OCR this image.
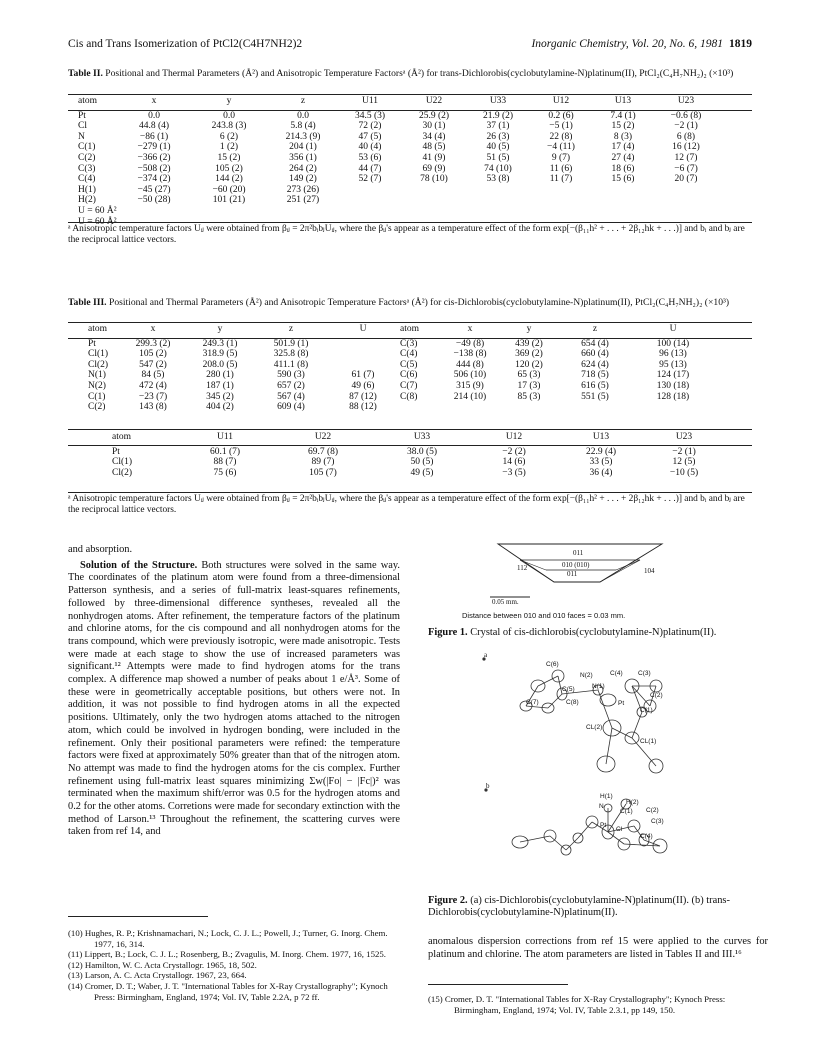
Cis and Trans Isomerization of PtCl2(C4H7NH2)2	Inorganic Chemistry, Vol. 20, No. 6, 1981 1819
Table II. Positional and Thermal Parameters (Å²) and Anisotropic Temperature Factorsᵃ (Å²) for trans-Dichlorobis(cyclobutylamine-N)platinum(II), PtCl₂(C₄H₇NH₂)₂ (×10³)
atom	x	y	z	U11	U22	U33	U12	U13	U23

Pt	0.0	0.0	0.0	34.5 (3)	25.9 (2)	21.9 (2)	0.2 (6)	7.4 (1)	−0.6 (8)
Cl	44.8 (4)	243.8 (3)	5.8 (4)	72 (2)	30 (1)	37 (1)	−5 (1)	15 (2)	−2 (1)
N	−86 (1)	6 (2)	214.3 (9)	47 (5)	34 (4)	26 (3)	22 (8)	8 (3)	6 (8)
C(1)	−279 (1)	1 (2)	204 (1)	40 (4)	48 (5)	40 (5)	−4 (11)	17 (4)	16 (12)
C(2)	−366 (2)	15 (2)	356 (1)	53 (6)	41 (9)	51 (5)	9 (7)	27 (4)	12 (7)
C(3)	−508 (2)	105 (2)	264 (2)	44 (7)	69 (9)	74 (10)	11 (6)	18 (6)	−6 (7)
C(4)	−374 (2)	144 (2)	149 (2)	52 (7)	78 (10)	53 (8)	11 (7)	15 (6)	20 (7)
H(1)	−45 (27)	−60 (20)	273 (26)						
H(2)	−50 (28)	101 (21)	251 (27)						
U = 60 Å²									
U = 60 Å²									
ᵃ Anisotropic temperature factors Uᵢⱼ were obtained from βᵢⱼ = 2π²bᵢbⱼUᵢⱼ, where the βᵢⱼ's appear as a temperature effect of the form exp[−(β₁₁h² + . . . + 2β₁₂hk + . . .)] and bᵢ and bⱼ are the reciprocal lattice vectors.
Table III. Positional and Thermal Parameters (Å²) and Anisotropic Temperature Factorsᵃ (Å²) for cis-Dichlorobis(cyclobutylamine-N)platinum(II), PtCl₂(C₄H₇NH₂)₂ (×10³)
atom	x	y	z	U	atom	x	y	z	U

Pt	299.3 (2)	249.3 (1)	501.9 (1)		C(3)	−49 (8)	439 (2)	654 (4)	100 (14)
Cl(1)	105 (2)	318.9 (5)	325.8 (8)		C(4)	−138 (8)	369 (2)	660 (4)	96 (13)
Cl(2)	547 (2)	208.0 (5)	411.1 (8)		C(5)	444 (8)	120 (2)	624 (4)	95 (13)
N(1)	84 (5)	280 (1)	590 (3)	61 (7)	C(6)	506 (10)	65 (3)	718 (5)	124 (17)
N(2)	472 (4)	187 (1)	657 (2)	49 (6)	C(7)	315 (9)	17 (3)	616 (5)	130 (18)
C(1)	−23 (7)	345 (2)	567 (4)	87 (12)	C(8)	214 (10)	85 (3)	551 (5)	128 (18)
C(2)	143 (8)	404 (2)	609 (4)	88 (12)					
atom	U11	U22	U33	U12	U13	U23

Pt	60.1 (7)	69.7 (8)	38.0 (5)	−2 (2)	22.9 (4)	−2 (1)
Cl(1)	88 (7)	89 (7)	50 (5)	14 (6)	33 (5)	12 (5)
Cl(2)	75 (6)	105 (7)	49 (5)	−3 (5)	36 (4)	−10 (5)
ᵃ Anisotropic temperature factors Uᵢⱼ were obtained from βᵢⱼ = 2π²bᵢbⱼUᵢⱼ, where the βᵢⱼ's appear as a temperature effect of the form exp[−(β₁₁h² + . . . + 2β₁₂hk + . . .)] and bᵢ and bⱼ are the reciprocal lattice vectors.

and absorption.

Solution of the Structure. Both structures were solved in the same way. The coordinates of the platinum atom were found from a three-dimensional Patterson synthesis, and a series of full-matrix least-squares refinements, followed by three-dimensional difference syntheses, revealed all the nonhydrogen atoms. After refinement, the temperature factors of the platinum and chlorine atoms, for the cis compound and all nonhydrogen atoms for the trans compound, which were previously isotropic, were made anisotropic. Tests were made at each stage to show the use of increased parameters was significant.¹² Attempts were made to find hydrogen atoms for the trans complex. A difference map showed a number of peaks about 1 e/Å³. Some of these were in geometrically acceptable positions, but others were not. In addition, it was not possible to find hydrogen atoms in all the expected positions. Ultimately, only the two hydrogen atoms attached to the nitrogen atom, which could be involved in hydrogen bonding, were included in the refinement. Only their positional parameters were refined: the temperature factors were fixed at approximately 50% greater than that of the nitrogen atom. No attempt was made to find the hydrogen atoms for the cis complex. Further refinement using full-matrix least squares minimizing Σw(|Fo| − |Fc|)² was terminated when the maximum shift/error was 0.5 for the hydrogen atoms and 0.2 for the other atoms. Corretions were made for secondary extinction with the method of Larson.¹³ Throughout the refinement, the scattering curves were taken from ref 14, and

011
010 (010)
011
112	104
0.05 mm.
Distance between 010 and 010 faces = 0.03 mm.
Figure 1. Crystal of cis-dichlorobis(cyclobutylamine-N)platinum(II).
a
b
C(6)
N(2)	C(4) C(3)
N(1)
C(5)
C(2)
C(7)	C(8)	Pt
C(1)
CL(2)
CL(1)
H(1)
H(2)
N
C(1) C(2)
C(3)
Pt
Cl
C(4)
Figure 2. (a) cis-Dichlorobis(cyclobutylamine-N)platinum(II). (b) trans-Dichlorobis(cyclobutylamine-N)platinum(II).

anomalous dispersion corrections from ref 15 were applied to the curves for platinum and chlorine. The atom parameters are listed in Tables II and III.¹⁶

(10) Hughes, R. P.; Krishnamachari, N.; Lock, C. J. L.; Powell, J.; Turner, G. Inorg. Chem. 1977, 16, 314.
(11) Lippert, B.; Lock, C. J. L.; Rosenberg, B.; Zvagulis, M. Inorg. Chem. 1977, 16, 1525.
(12) Hamilton, W. C. Acta Crystallogr. 1965, 18, 502.
(13) Larson, A. C. Acta Crystallogr. 1967, 23, 664.
(14) Cromer, D. T.; Waber, J. T. "International Tables for X-Ray Crystallography"; Kynoch Press: Birmingham, England, 1974; Vol. IV, Table 2.2A, p 72 ff.	(15) Cromer, D. T. "International Tables for X-Ray Crystallography"; Kynoch Press: Birmingham, England, 1974; Vol. IV, Table 2.3.1, pp 149, 150.
